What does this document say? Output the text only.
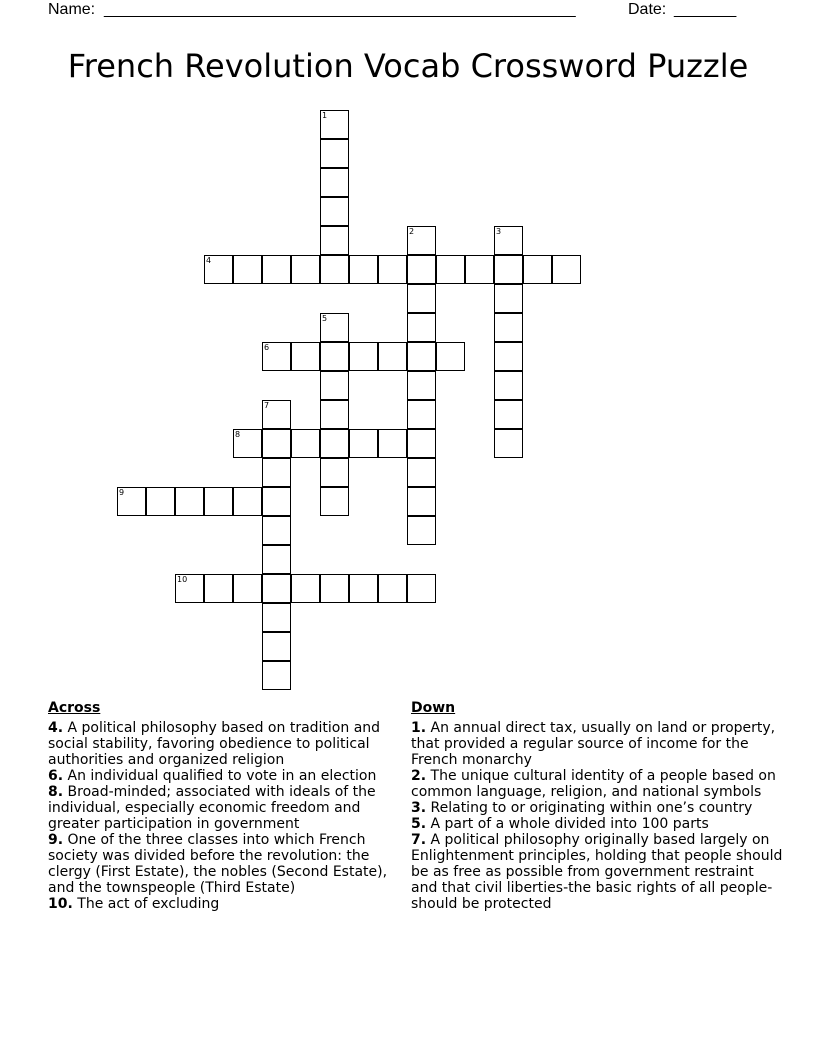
Name: _____________________________________________________	Date: _______
French Revolution Vocab Crossword Puzzle
1
2	3
4
5
6
7
8
9
10
Across
4. A political philosophy based on tradition and social stability, favoring obedience to political authorities and organized religion
6. An individual qualified to vote in an election
8. Broad-minded; associated with ideals of the individual, especially economic freedom and greater participation in government
9. One of the three classes into which French society was divided before the revolution: the clergy (First Estate), the nobles (Second Estate), and the townspeople (Third Estate)
10. The act of excluding
Down
1. An annual direct tax, usually on land or property, that provided a regular source of income for the French monarchy
2. The unique cultural identity of a people based on common language, religion, and national symbols
3. Relating to or originating within one’s country
5. A part of a whole divided into 100 parts
7. A political philosophy originally based largely on Enlightenment principles, holding that people should be as free as possible from government restraint and that civil liberties-the basic rights of all people-should be protected
